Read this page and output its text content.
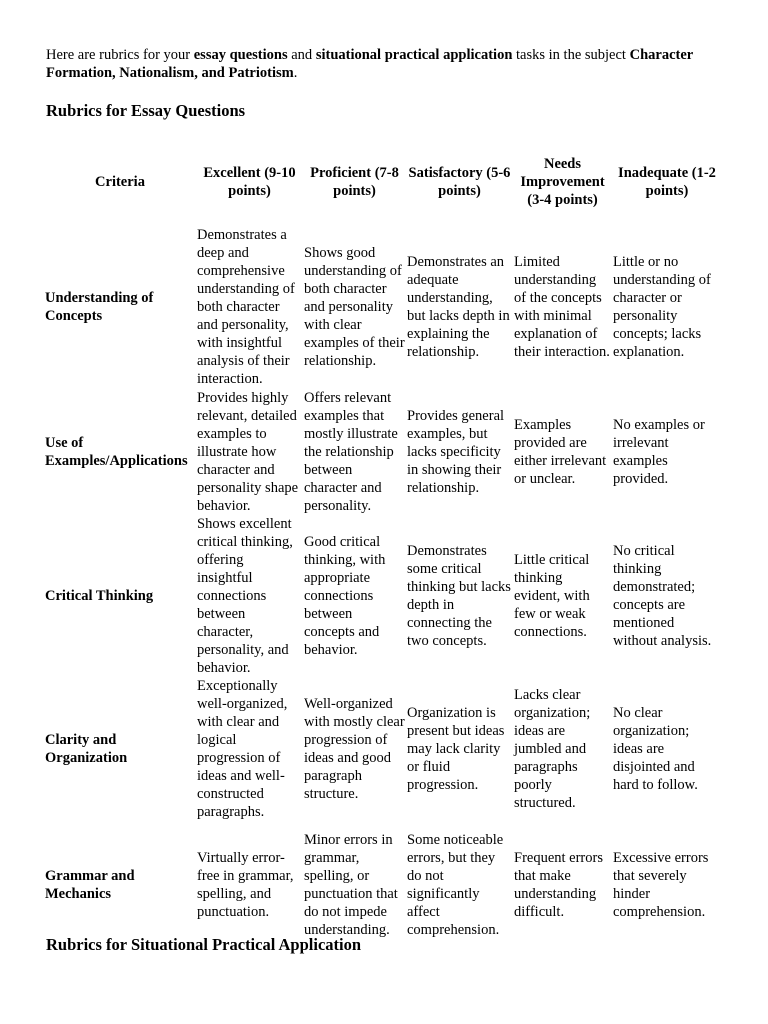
Here are rubrics for your essay questions and situational practical application tasks in the subject Character Formation, Nationalism, and Patriotism.

Rubrics for Essay Questions
Criteria	Excellent (9-10 points)	Proficient (7-8 points)	Satisfactory (5-6 points)	Needs Improvement (3-4 points)	Inadequate (1-2 points)
Understanding of Concepts	Demonstrates a deep and comprehensive understanding of both character and personality, with insightful analysis of their interaction.	Shows good understanding of both character and personality with clear examples of their relationship.	Demonstrates an adequate understanding, but lacks depth in explaining the relationship.	Limited understanding of the concepts with minimal explanation of their interaction.	Little or no understanding of character or personality concepts; lacks explanation.
Use of Examples/Applications	Provides highly relevant, detailed examples to illustrate how character and personality shape behavior.	Offers relevant examples that mostly illustrate the relationship between character and personality.	Provides general examples, but lacks specificity in showing their relationship.	Examples provided are either irrelevant or unclear.	No examples or irrelevant examples provided.
Critical Thinking	Shows excellent critical thinking, offering insightful connections between character, personality, and behavior.	Good critical thinking, with appropriate connections between concepts and behavior.	Demonstrates some critical thinking but lacks depth in connecting the two concepts.	Little critical thinking evident, with few or weak connections.	No critical thinking demonstrated; concepts are mentioned without analysis.
Clarity and Organization	Exceptionally well-organized, with clear and logical progression of ideas and well-constructed paragraphs.	Well-organized with mostly clear progression of ideas and good paragraph structure.	Organization is present but ideas may lack clarity or fluid progression.	Lacks clear organization; ideas are jumbled and paragraphs poorly structured.	No clear organization; ideas are disjointed and hard to follow.
Grammar and Mechanics	Virtually error-free in grammar, spelling, and punctuation.	Minor errors in grammar, spelling, or punctuation that do not impede understanding.	Some noticeable errors, but they do not significantly affect comprehension.	Frequent errors that make understanding difficult.	Excessive errors that severely hinder comprehension.
Rubrics for Situational Practical Application
